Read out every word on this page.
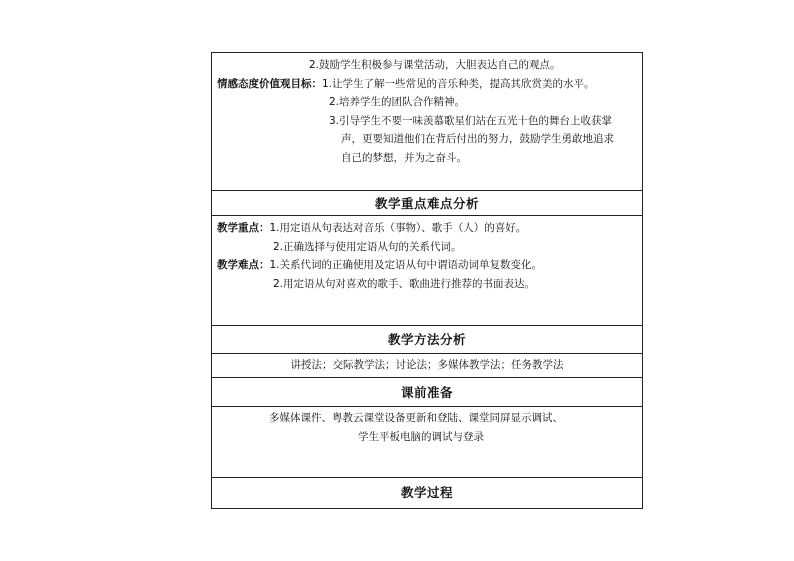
2.鼓励学生积极参与课堂活动，大胆表达自己的观点。
情感态度价值观目标：1.让学生了解一些常见的音乐种类，提高其欣赏美的水平。
2.培养学生的团队合作精神。
3.引导学生不要一味羡慕歌星们站在五光十色的舞台上收获掌
声，更要知道他们在背后付出的努力，鼓励学生勇敢地追求
自己的梦想，并为之奋斗。
教学重点难点分析
教学重点：1.用定语从句表达对音乐（事物）、歌手（人）的喜好。
2.正确选择与使用定语从句的关系代词。
教学难点：1.关系代词的正确使用及定语从句中谓语动词单复数变化。
2.用定语从句对喜欢的歌手、歌曲进行推荐的书面表达。
教学方法分析
讲授法；交际教学法；讨论法；多媒体教学法；任务教学法
课前准备
多媒体课件、粤教云课堂设备更新和登陆、课堂同屏显示调试、
学生平板电脑的调试与登录
教学过程
